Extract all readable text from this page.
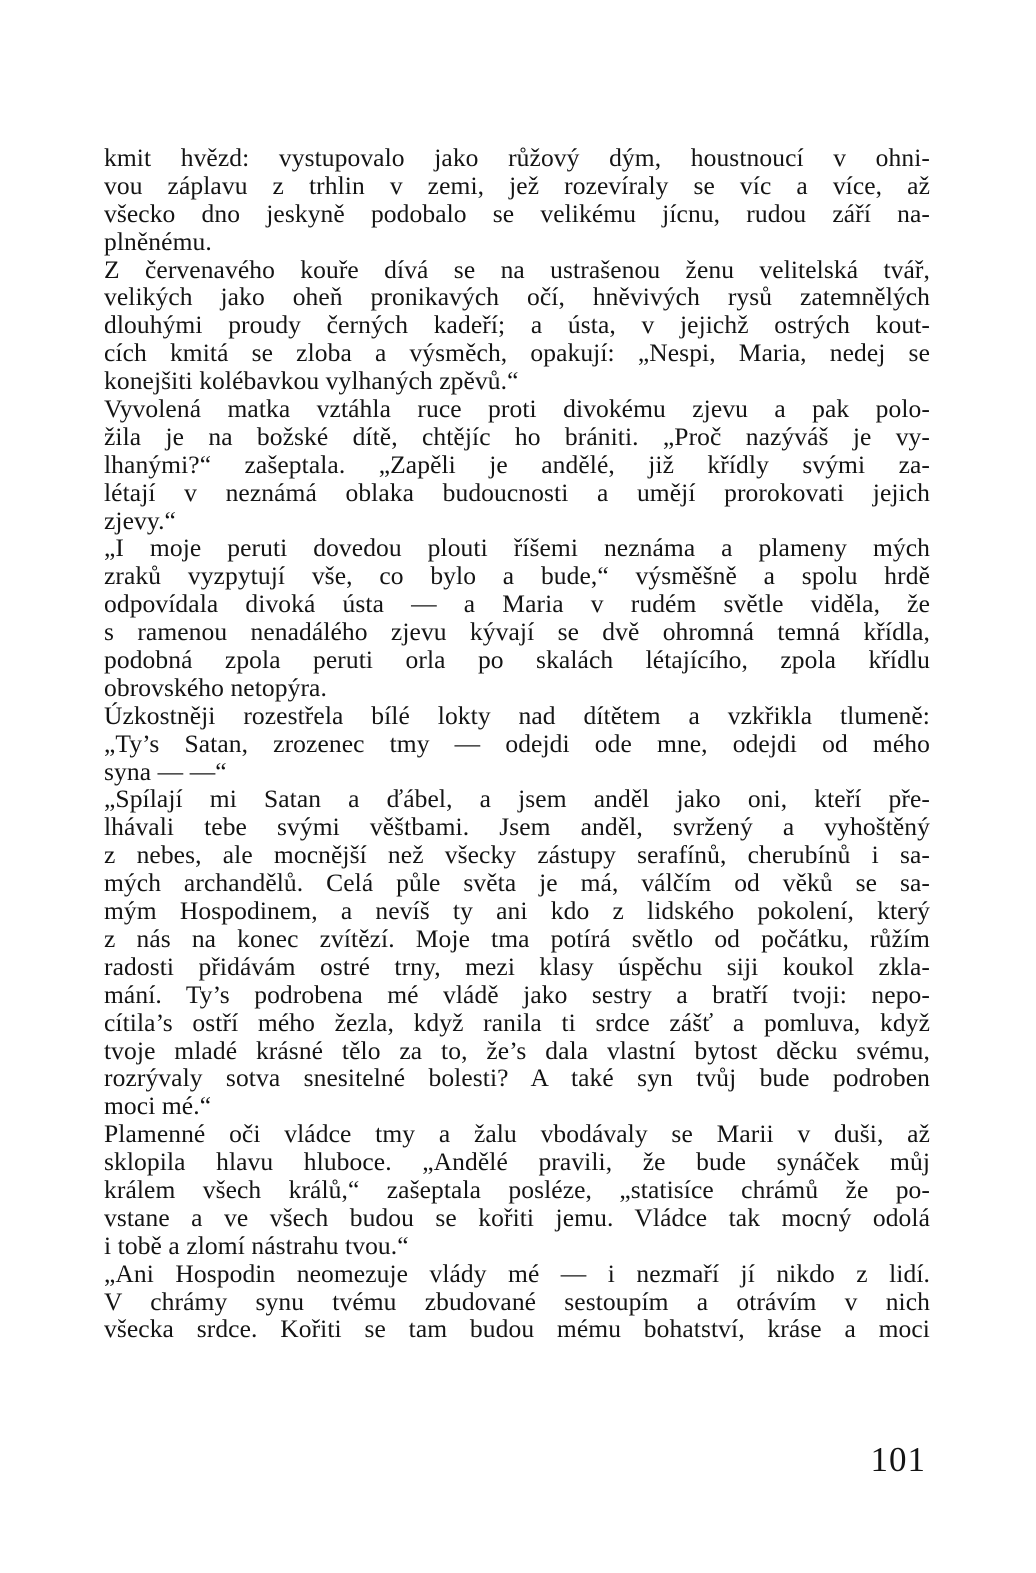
kmit hvězd: vystupovalo jako růžový dým, houstnoucí v ohni-
vou záplavu z trhlin v zemi, jež rozevíraly se víc a více, až
všecko dno jeskyně podobalo se velikému jícnu, rudou září na-
plněnému.
Z červenavého kouře dívá se na ustrašenou ženu velitelská tvář,
velikých jako oheň pronikavých očí, hněvivých rysů zatemnělých
dlouhými proudy černých kadeří; a ústa, v jejichž ostrých kout-
cích kmitá se zloba a výsměch, opakují: „Nespi, Maria, nedej se
konejšiti kolébavkou vylhaných zpěvů.“
Vyvolená matka vztáhla ruce proti divokému zjevu a pak polo-
žila je na božské dítě, chtějíc ho brániti. „Proč nazýváš je vy-
lhanými?“ zašeptala. „Zapěli je andělé, již křídly svými za-
létají v neznámá oblaka budoucnosti a umějí prorokovati jejich
zjevy.“
„I moje peruti dovedou plouti říšemi neznáma a plameny mých
zraků vyzpytují vše, co bylo a bude,“ výsměšně a spolu hrdě
odpovídala divoká ústa — a Maria v rudém světle viděla, že
s ramenou nenadálého zjevu kývají se dvě ohromná temná křídla,
podobná zpola peruti orla po skalách létajícího, zpola křídlu
obrovského netopýra.
Úzkostněji rozestřela bílé lokty nad dítětem a vzkřikla tlumeně:
„Ty’s Satan, zrozenec tmy — odejdi ode mne, odejdi od mého
syna — —“
„Spílají mi Satan a ďábel, a jsem anděl jako oni, kteří pře-
lhávali tebe svými věštbami. Jsem anděl, svržený a vyhoštěný
z nebes, ale mocnější než všecky zástupy serafínů, cherubínů i sa-
mých archandělů. Celá půle světa je má, válčím od věků se sa-
mým Hospodinem, a nevíš ty ani kdo z lidského pokolení, který
z nás na konec zvítězí. Moje tma potírá světlo od počátku, růžím
radosti přidávám ostré trny, mezi klasy úspěchu siji koukol zkla-
mání. Ty’s podrobena mé vládě jako sestry a bratří tvoji: nepo-
cítila’s ostří mého žezla, když ranila ti srdce zášť a pomluva, když
tvoje mladé krásné tělo za to, že’s dala vlastní bytost děcku svému,
rozrývaly sotva snesitelné bolesti? A také syn tvůj bude podroben
moci mé.“
Plamenné oči vládce tmy a žalu vbodávaly se Marii v duši, až
sklopila hlavu hluboce. „Andělé pravili, že bude synáček můj
králem všech králů,“ zašeptala posléze, „statisíce chrámů že po-
vstane a ve všech budou se kořiti jemu. Vládce tak mocný odolá
i tobě a zlomí nástrahu tvou.“
„Ani Hospodin neomezuje vlády mé — i nezmaří jí nikdo z lidí.
V chrámy synu tvému zbudované sestoupím a otrávím v nich
všecka srdce. Kořiti se tam budou mému bohatství, kráse a moci
101
